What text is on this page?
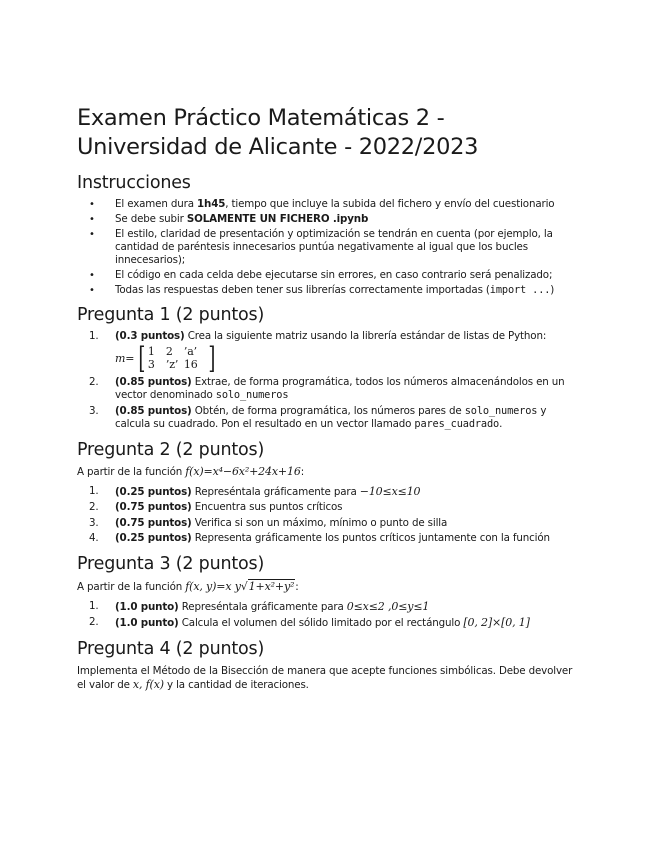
Examen Práctico Matemáticas 2 - Universidad de Alicante - 2022/2023
Instrucciones
• El examen dura 1h45, tiempo que incluye la subida del fichero y envío del cuestionario
• Se debe subir SOLAMENTE UN FICHERO .ipynb
• El estilo, claridad de presentación y optimización se tendrán en cuenta (por ejemplo, la cantidad de paréntesis innecesarios puntúa negativamente al igual que los bucles innecesarios);
• El código en cada celda debe ejecutarse sin errores, en caso contrario será penalizado;
• Todas las respuestas deben tener sus librerías correctamente importadas (import ...)
Pregunta 1 (2 puntos)
1. (0.3 puntos) Crea la siguiente matriz usando la librería estándar de listas de Python:
m= [ 1	2	’a’
3	’z’ 16 ]
2. (0.85 puntos) Extrae, de forma programática, todos los números almacenándolos en un vector denominado solo_numeros
3. (0.85 puntos) Obtén, de forma programática, los números pares de solo_numeros y calcula su cuadrado. Pon el resultado en un vector llamado pares_cuadrado.
Pregunta 2 (2 puntos)
A partir de la función f(x)=x⁴−6x²+24x+16:
1. (0.25 puntos) Represéntala gráficamente para −10≤x≤10
2. (0.75 puntos) Encuentra sus puntos críticos
3. (0.75 puntos) Verifica si son un máximo, mínimo o punto de silla
4. (0.25 puntos) Representa gráficamente los puntos críticos juntamente con la función
Pregunta 3 (2 puntos)
A partir de la función f(x, y)=x y√1+x²+y²:
1. (1.0 punto) Represéntala gráficamente para 0≤x≤2 ,0≤y≤1
2. (1.0 punto) Calcula el volumen del sólido limitado por el rectángulo [0, 2]×[0, 1]
Pregunta 4 (2 puntos)
Implementa el Método de la Bisección de manera que acepte funciones simbólicas. Debe devolver el valor de x, f(x) y la cantidad de iteraciones.
